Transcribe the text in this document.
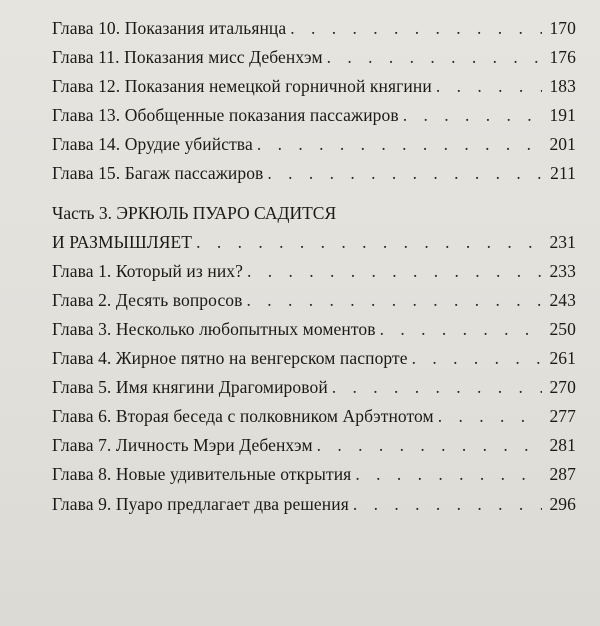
Глава 10. Показания итальянца . . .	170
Глава 11. Показания мисс Дебенхэм . . .	176
Глава 12. Показания немецкой горничной княгини . . .	183
Глава 13. Обобщенные показания пассажиров . . .	191
Глава 14. Орудие убийства . . .	201
Глава 15. Багаж пассажиров . . .	211
Часть 3. ЭРКЮЛЬ ПУАРО САДИТСЯ
И РАЗМЫШЛЯЕТ . . .	231
Глава 1. Который из них? . . .	233
Глава 2. Десять вопросов . . .	243
Глава 3. Несколько любопытных моментов . . .	250
Глава 4. Жирное пятно на венгерском паспорте . . .	261
Глава 5. Имя княгини Драгомировой . . .	270
Глава 6. Вторая беседа с полковником Арбэтнотом . . .	277
Глава 7. Личность Мэри Дебенхэм . . .	281
Глава 8. Новые удивительные открытия . . .	287
Глава 9. Пуаро предлагает два решения . . .	296
